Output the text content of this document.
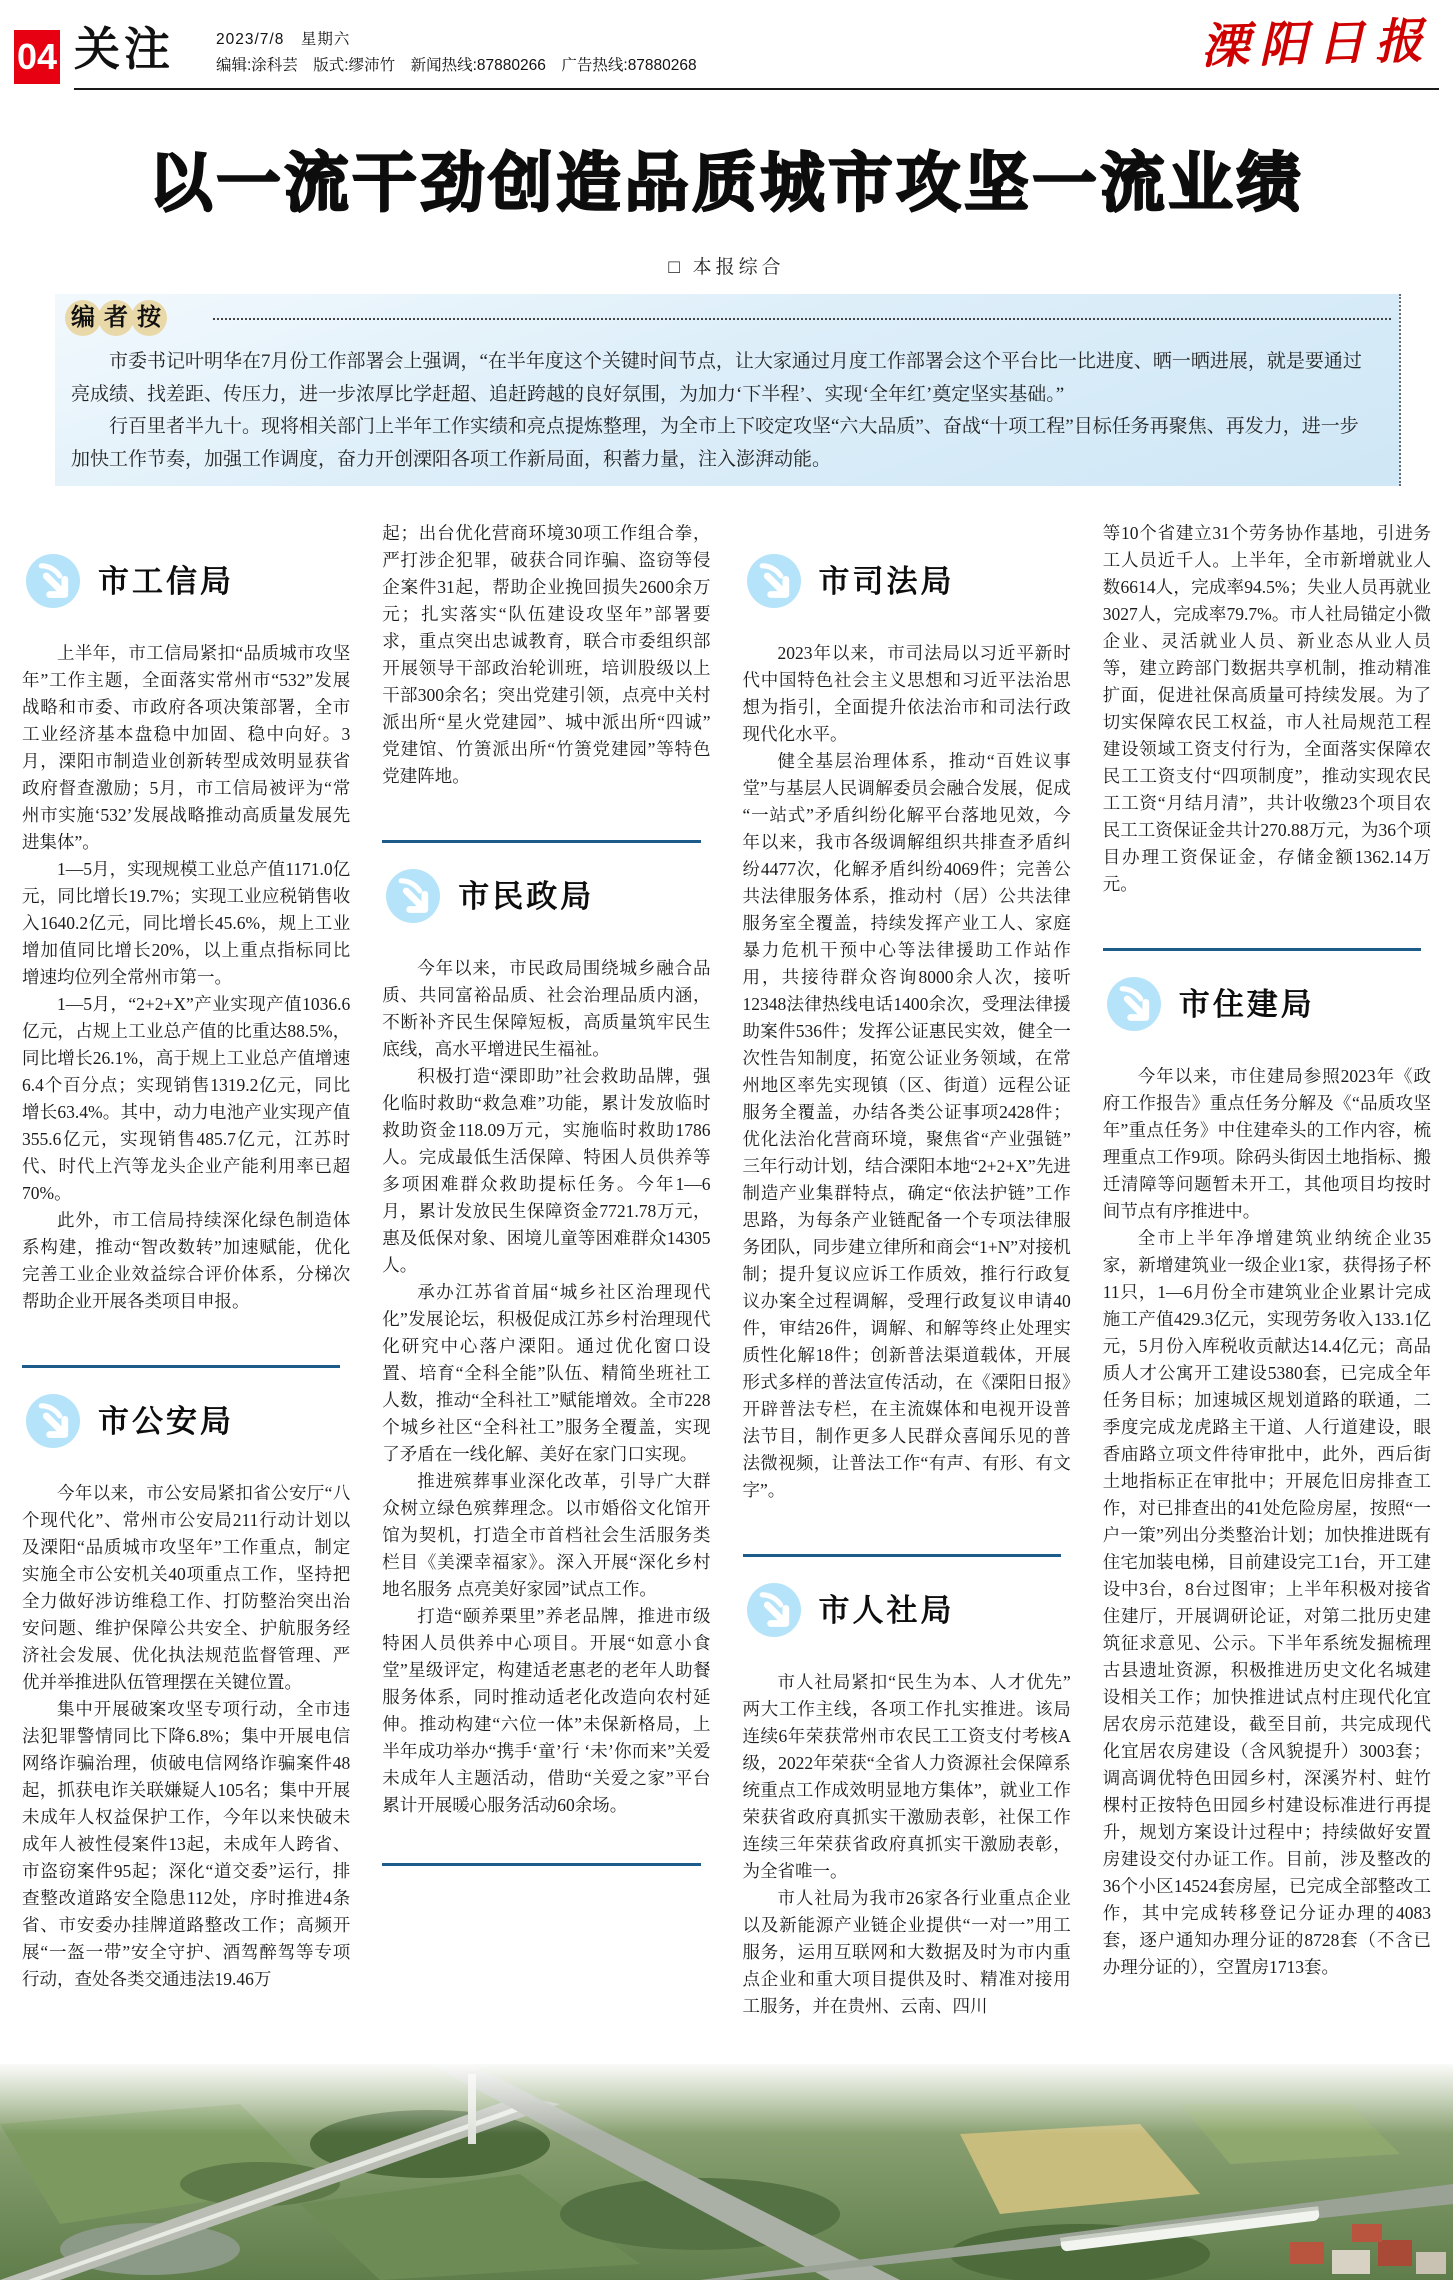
04 关注	2023/7/8　 星期六
编辑:涂科芸　版式:缪沛竹　新闻热线:87880266　广告热线:87880268	溧阳日报
以一流干劲创造品质城市攻坚一流业绩
□ 本报综合
编 者 按

市委书记叶明华在7月份工作部署会上强调，“在半年度这个关键时间节点，让大家通过月度工作部署会这个平台比一比进度、晒一晒进展，就是要通过亮成绩、找差距、传压力，进一步浓厚比学赶超、追赶跨越的良好氛围，为加力‘下半程’、实现‘全年红’奠定坚实基础。”

行百里者半九十。现将相关部门上半年工作实绩和亮点提炼整理，为全市上下咬定攻坚“六大品质”、奋战“十项工程”目标任务再聚焦、再发力，进一步加快工作节奏，加强工作调度，奋力开创溧阳各项工作新局面，积蓄力量，注入澎湃动能。

市工信局

上半年，市工信局紧扣“品质城市攻坚年”工作主题，全面落实常州市“532”发展战略和市委、市政府各项决策部署，全市工业经济基本盘稳中加固、稳中向好。3月，溧阳市制造业创新转型成效明显获省政府督查激励；5月，市工信局被评为“常州市实施‘532’发展战略推动高质量发展先进集体”。

1—5月，实现规模工业总产值1171.0亿元，同比增长19.7%；实现工业应税销售收入1640.2亿元，同比增长45.6%，规上工业增加值同比增长20%，以上重点指标同比增速均位列全常州市第一。

1—5月，“2+2+X”产业实现产值1036.6亿元，占规上工业总产值的比重达88.5%，同比增长26.1%，高于规上工业总产值增速6.4个百分点；实现销售1319.2亿元，同比增长63.4%。其中，动力电池产业实现产值355.6亿元，实现销售485.7亿元，江苏时代、时代上汽等龙头企业产能利用率已超70%。

此外，市工信局持续深化绿色制造体系构建，推动“智改数转”加速赋能，优化完善工业企业效益综合评价体系，分梯次帮助企业开展各类项目申报。

市公安局

今年以来，市公安局紧扣省公安厅“八个现代化”、常州市公安局211行动计划以及溧阳“品质城市攻坚年”工作重点，制定实施全市公安机关40项重点工作，坚持把全力做好涉访维稳工作、打防整治突出治安问题、维护保障公共安全、护航服务经济社会发展、优化执法规范监督管理、严优并举推进队伍管理摆在关键位置。

集中开展破案攻坚专项行动，全市违法犯罪警情同比下降6.8%；集中开展电信网络诈骗治理，侦破电信网络诈骗案件48起，抓获电诈关联嫌疑人105名；集中开展未成年人权益保护工作，今年以来快破未成年人被性侵案件13起，未成年人跨省、市盗窃案件95起；深化“道交委”运行，排查整改道路安全隐患112处，序时推进4条省、市安委办挂牌道路整改工作；高频开展“一盔一带”安全守护、酒驾醉驾等专项行动，查处各类交通违法19.46万

起；出台优化营商环境30项工作组合拳，严打涉企犯罪，破获合同诈骗、盗窃等侵企案件31起，帮助企业挽回损失2600余万元；扎实落实“队伍建设攻坚年”部署要求，重点突出忠诚教育，联合市委组织部开展领导干部政治轮训班，培训股级以上干部300余名；突出党建引领，点亮中关村派出所“星火党建园”、城中派出所“四诚”党建馆、竹箦派出所“竹箦党建园”等特色党建阵地。

市民政局

今年以来，市民政局围绕城乡融合品质、共同富裕品质、社会治理品质内涵，不断补齐民生保障短板，高质量筑牢民生底线，高水平增进民生福祉。

积极打造“溧即助”社会救助品牌，强化临时救助“救急难”功能，累计发放临时救助资金118.09万元，实施临时救助1786人。完成最低生活保障、特困人员供养等多项困难群众救助提标任务。今年1—6月，累计发放民生保障资金7721.78万元，惠及低保对象、困境儿童等困难群众14305人。

承办江苏省首届“城乡社区治理现代化”发展论坛，积极促成江苏乡村治理现代化研究中心落户溧阳。通过优化窗口设置、培育“全科全能”队伍、精简坐班社工人数，推动“全科社工”赋能增效。全市228个城乡社区“全科社工”服务全覆盖，实现了矛盾在一线化解、美好在家门口实现。

推进殡葬事业深化改革，引导广大群众树立绿色殡葬理念。以市婚俗文化馆开馆为契机，打造全市首档社会生活服务类栏目《美溧幸福家》。深入开展“深化乡村地名服务 点亮美好家园”试点工作。

打造“颐养栗里”养老品牌，推进市级特困人员供养中心项目。开展“如意小食堂”星级评定，构建适老惠老的老年人助餐服务体系，同时推动适老化改造向农村延伸。推动构建“六位一体”未保新格局，上半年成功举办“携手‘童’行 ‘未’你而来”关爱未成年人主题活动，借助“关爱之家”平台累计开展暖心服务活动60余场。

市司法局

2023年以来，市司法局以习近平新时代中国特色社会主义思想和习近平法治思想为指引，全面提升依法治市和司法行政现代化水平。

健全基层治理体系，推动“百姓议事堂”与基层人民调解委员会融合发展，促成“一站式”矛盾纠纷化解平台落地见效，今年以来，我市各级调解组织共排查矛盾纠纷4477次，化解矛盾纠纷4069件；完善公共法律服务体系，推动村（居）公共法律服务室全覆盖，持续发挥产业工人、家庭暴力危机干预中心等法律援助工作站作用，共接待群众咨询8000余人次，接听12348法律热线电话1400余次，受理法律援助案件536件；发挥公证惠民实效，健全一次性告知制度，拓宽公证业务领域，在常州地区率先实现镇（区、街道）远程公证服务全覆盖，办结各类公证事项2428件；优化法治化营商环境，聚焦省“产业强链”三年行动计划，结合溧阳本地“2+2+X”先进制造产业集群特点，确定“依法护链”工作思路，为每条产业链配备一个专项法律服务团队，同步建立律所和商会“1+N”对接机制；提升复议应诉工作质效，推行行政复议办案全过程调解，受理行政复议申请40件，审结26件，调解、和解等终止处理实质性化解18件；创新普法渠道载体，开展形式多样的普法宣传活动，在《溧阳日报》开辟普法专栏，在主流媒体和电视开设普法节目，制作更多人民群众喜闻乐见的普法微视频，让普法工作“有声、有形、有文字”。

市人社局

市人社局紧扣“民生为本、人才优先”两大工作主线，各项工作扎实推进。该局连续6年荣获常州市农民工工资支付考核A级，2022年荣获“全省人力资源社会保障系统重点工作成效明显地方集体”，就业工作荣获省政府真抓实干激励表彰，社保工作连续三年荣获省政府真抓实干激励表彰，为全省唯一。

市人社局为我市26家各行业重点企业以及新能源产业链企业提供“一对一”用工服务，运用互联网和大数据及时为市内重点企业和重大项目提供及时、精准对接用工服务，并在贵州、云南、四川

等10个省建立31个劳务协作基地，引进务工人员近千人。上半年，全市新增就业人数6614人，完成率94.5%；失业人员再就业3027人，完成率79.7%。市人社局锚定小微企业、灵活就业人员、新业态从业人员等，建立跨部门数据共享机制，推动精准扩面，促进社保高质量可持续发展。为了切实保障农民工权益，市人社局规范工程建设领域工资支付行为，全面落实保障农民工工资支付“四项制度”，推动实现农民工工资“月结月清”，共计收缴23个项目农民工工资保证金共计270.88万元，为36个项目办理工资保证金，存储金额1362.14万元。

市住建局

今年以来，市住建局参照2023年《政府工作报告》重点任务分解及《“品质攻坚年”重点任务》中住建牵头的工作内容，梳理重点工作9项。除码头街因土地指标、搬迁清障等问题暂未开工，其他项目均按时间节点有序推进中。

全市上半年净增建筑业纳统企业35家，新增建筑业一级企业1家，获得扬子杯11只，1—6月份全市建筑业企业累计完成施工产值429.3亿元，实现劳务收入133.1亿元，5月份入库税收贡献达14.4亿元；高品质人才公寓开工建设5380套，已完成全年任务目标；加速城区规划道路的联通，二季度完成龙虎路主干道、人行道建设，眼香庙路立项文件待审批中，此外，西后街土地指标正在审批中；开展危旧房排查工作，对已排查出的41处危险房屋，按照“一户一策”列出分类整治计划；加快推进既有住宅加装电梯，目前建设完工1台，开工建设中3台，8台过图审；上半年积极对接省住建厅，开展调研论证，对第二批历史建筑征求意见、公示。下半年系统发掘梳理古县遗址资源，积极推进历史文化名城建设相关工作；加快推进试点村庄现代化宜居农房示范建设，截至目前，共完成现代化宜居农房建设（含风貌提升）3003套；调高调优特色田园乡村，深溪岕村、蛀竹棵村正按特色田园乡村建设标准进行再提升，规划方案设计过程中；持续做好安置房建设交付办证工作。目前，涉及整改的36个小区14524套房屋，已完成全部整改工作，其中完成转移登记分证办理的4083套，逐户通知办理分证的8728套（不含已办理分证的），空置房1713套。
